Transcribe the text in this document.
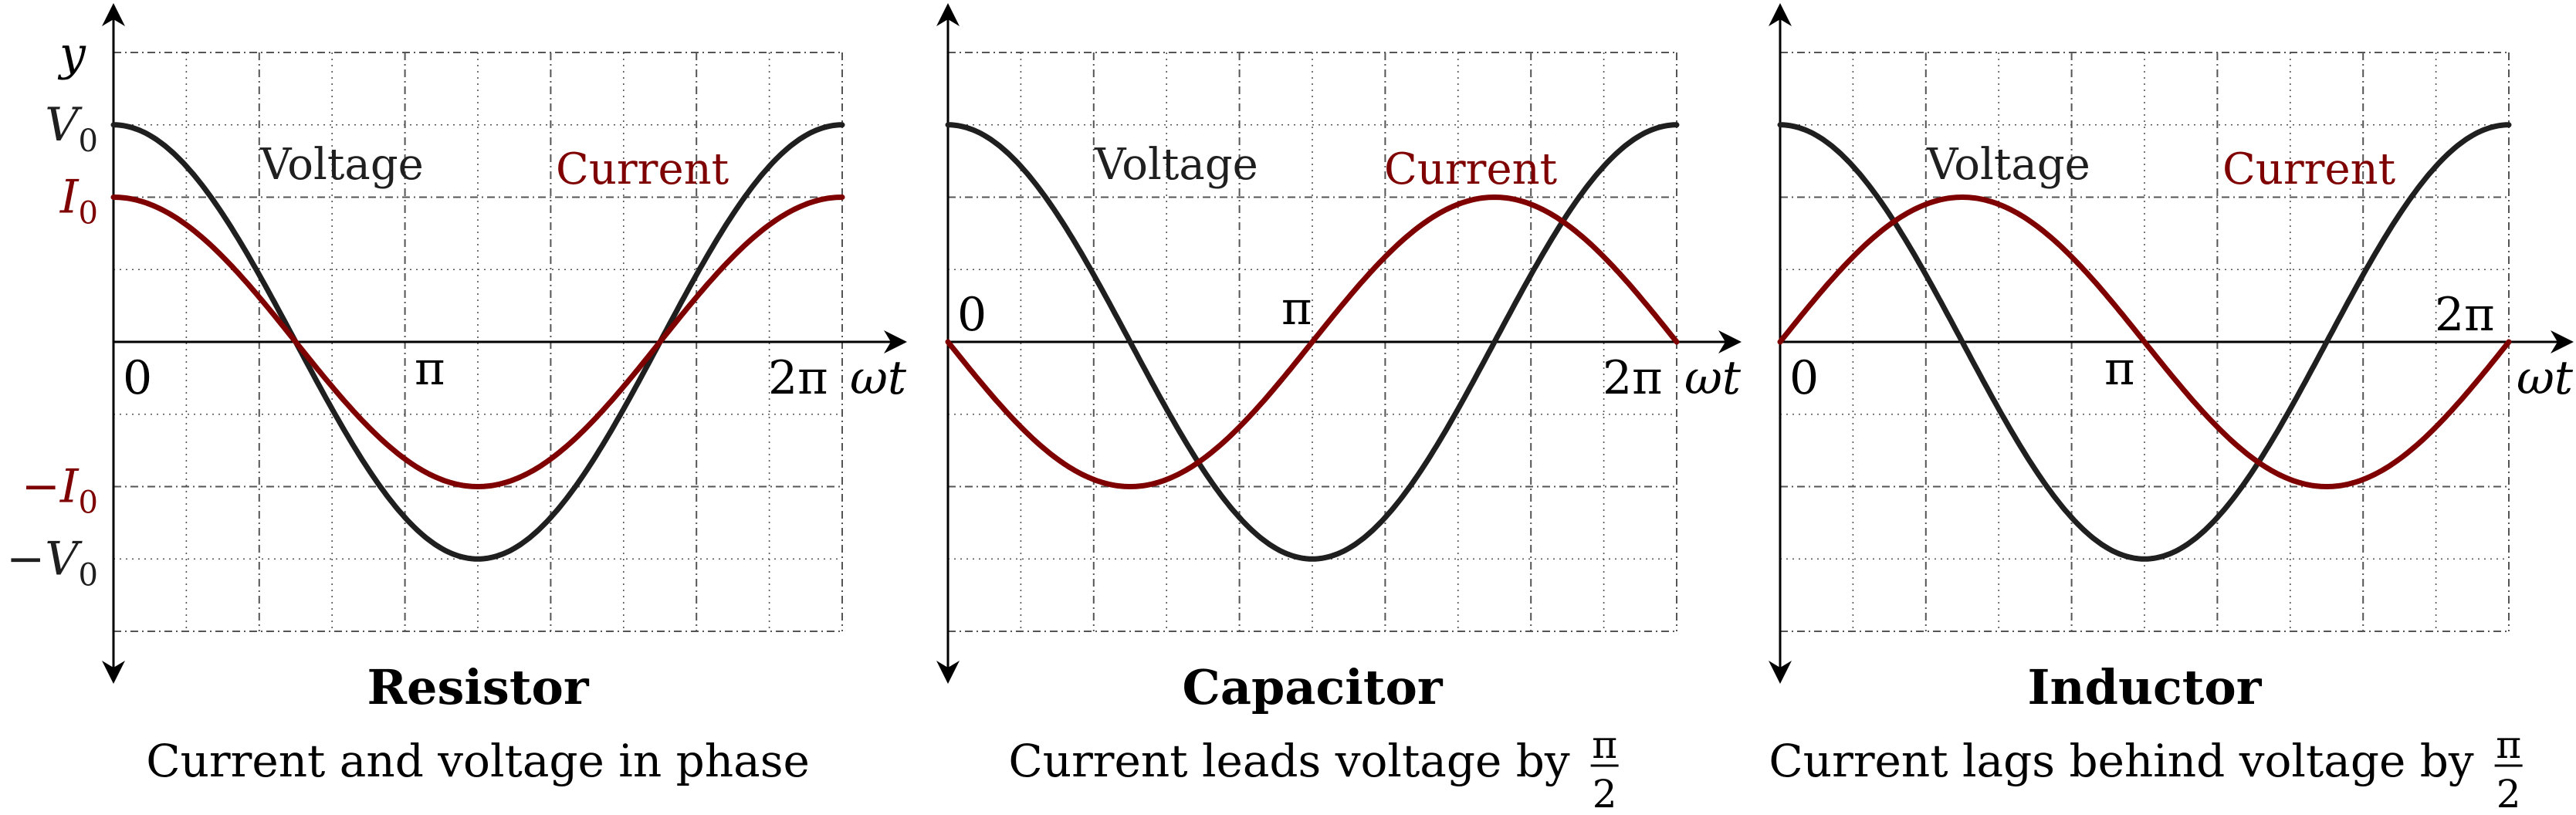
Voltage	Current
0	π	2π ωt
y
$V_0$
$I_0$
$-I_0$
$-V_0$
Resistor
Current and voltage in phase
Voltage	Current
0	π
2π ωt
Capacitor
Current leads voltage by π
2
Voltage	Current
0	π
2π
ωt
Inductor
Current lags behind voltage by π
2
